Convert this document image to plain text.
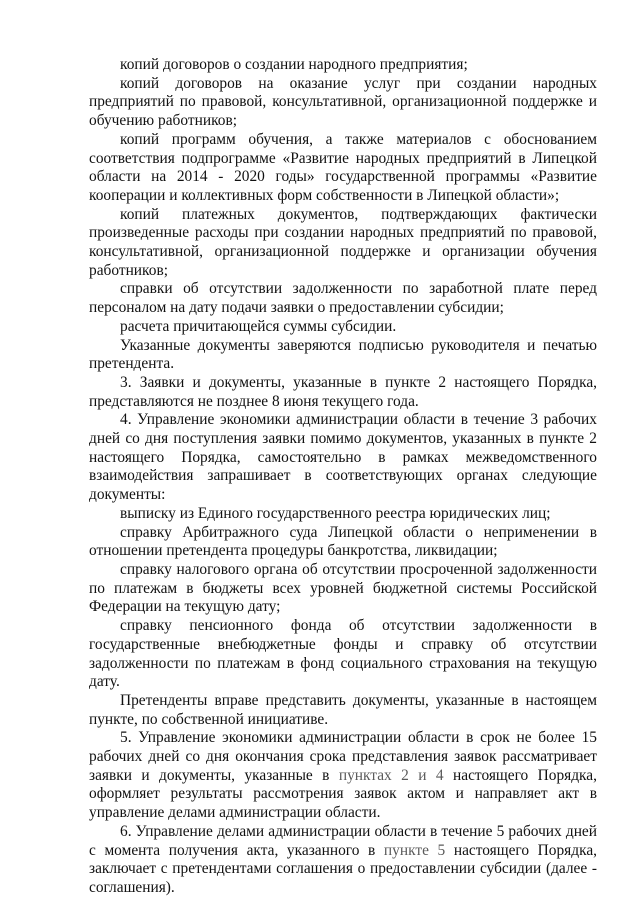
копий договоров о создании народного предприятия;

копий договоров на оказание услуг при создании народных предприятий по правовой, консультативной, организационной поддержке и обучению работников;

копий программ обучения, а также материалов с обоснованием соответствия подпрограмме «Развитие народных предприятий в Липецкой области на 2014 - 2020 годы» государственной программы «Развитие кооперации и коллективных форм собственности в Липецкой области»;

копий платежных документов, подтверждающих фактически произведенные расходы при создании народных предприятий по правовой, консультативной, организационной поддержке и организации обучения работников;

справки об отсутствии задолженности по заработной плате перед персоналом на дату подачи заявки о предоставлении субсидии;

расчета причитающейся суммы субсидии.

Указанные документы заверяются подписью руководителя и печатью претендента.

3. Заявки и документы, указанные в пункте 2 настоящего Порядка, представляются не позднее 8 июня текущего года.

4. Управление экономики администрации области в течение 3 рабочих дней со дня поступления заявки помимо документов, указанных в пункте 2 настоящего Порядка, самостоятельно в рамках межведомственного взаимодействия запрашивает в соответствующих органах следующие документы:

выписку из Единого государственного реестра юридических лиц;

справку Арбитражного суда Липецкой области о неприменении в отношении претендента процедуры банкротства, ликвидации;

справку налогового органа об отсутствии просроченной задолженности по платежам в бюджеты всех уровней бюджетной системы Российской Федерации на текущую дату;

справку пенсионного фонда об отсутствии задолженности в государственные внебюджетные фонды и справку об отсутствии задолженности по платежам в фонд социального страхования на текущую дату.

Претенденты вправе представить документы, указанные в настоящем пункте, по собственной инициативе.

5. Управление экономики администрации области в срок не более 15 рабочих дней со дня окончания срока представления заявок рассматривает заявки и документы, указанные в пунктах 2 и 4 настоящего Порядка, оформляет результаты рассмотрения заявок актом и направляет акт в управление делами администрации области.

6. Управление делами администрации области в течение 5 рабочих дней с момента получения акта, указанного в пункте 5 настоящего Порядка, заключает с претендентами соглашения о предоставлении субсидии (далее - соглашения).
